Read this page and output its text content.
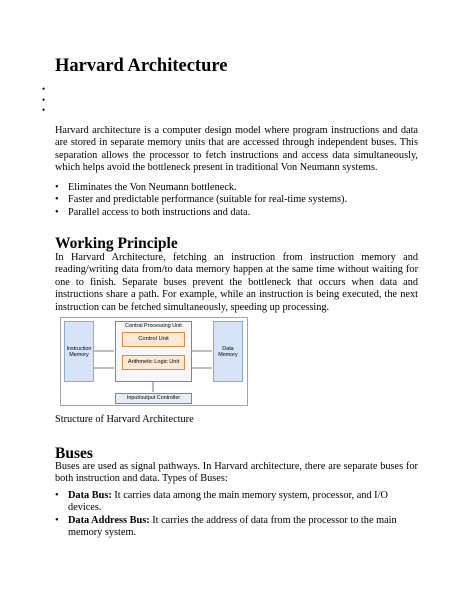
Harvard Architecture
•
•
•

Harvard architecture is a computer design model where program instructions and data are stored in separate memory units that are accessed through independent buses. This separation allows the processor to fetch instructions and access data simultaneously, which helps avoid the bottleneck present in traditional Von Neumann systems.

• Eliminates the Von Neumann bottleneck.
• Faster and predictable performance (suitable for real-time systems).
• Parallel access to both instructions and data.
Working Principle

In Harvard Architecture, fetching an instruction from instruction memory and reading/writing data from/to data memory happen at the same time without waiting for one to finish. Separate buses prevent the bottleneck that occurs when data and instructions share a path. For example, while an instruction is being executed, the next instruction can be fetched simultaneously, speeding up processing.

Instruction Memory
Central Processing Unit
Control Unit
Arithmetic Logic Unit
Data Memory
Input/output Controller

Structure of Harvard Architecture

Buses

Buses are used as signal pathways. In Harvard architecture, there are separate buses for both instruction and data. Types of Buses:

• Data Bus: It carries data among the main memory system, processor, and I/O devices.
• Data Address Bus: It carries the address of data from the processor to the main memory system.
